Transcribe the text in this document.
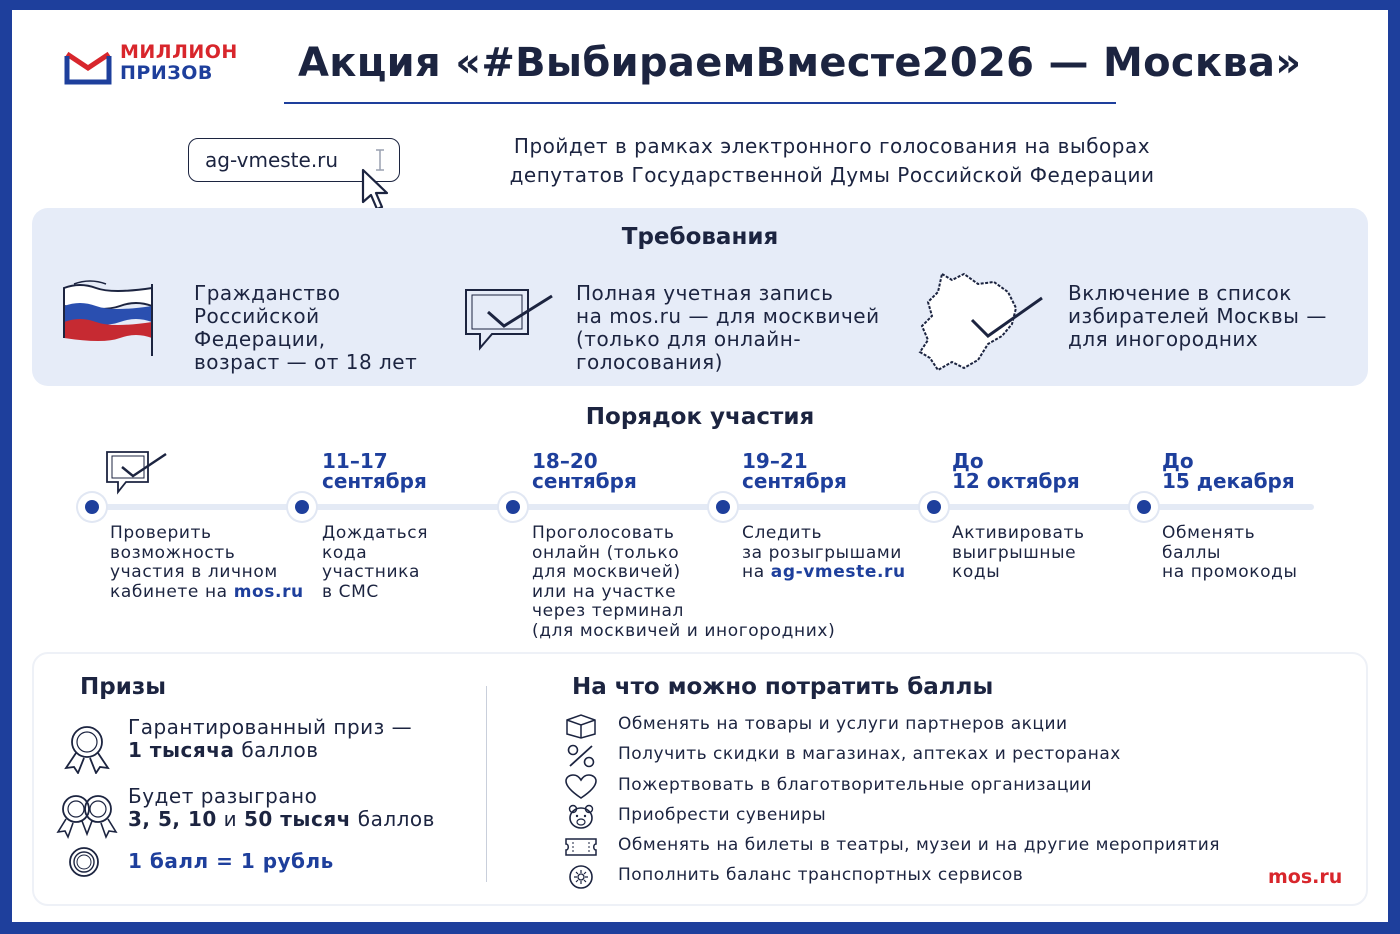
МИЛЛИОН
ПРИЗОВ	Акция «#ВыбираемВместе2026 — Москва»
ag-vmeste.ru
Пройдет в рамках электронного голосования на выборах
депутатов Государственной Думы Российской Федерации
Требования
Гражданство
Российской
Федерации,
возраст — от 18 лет
Полная учетная запись
на mos.ru — для москвичей
(только для онлайн-
голосования)
Включение в список
избирателей Москвы —
для иногородних
Порядок участия
Проверить
возможность
участия в личном
кабинете на mos.ru
11–17
сентября
Дождаться
кода
участника
в СМС
18–20
сентября
Проголосовать
онлайн (только
для москвичей)
или на участке
через терминал
(для москвичей и иногородних)
19–21
сентября
Следить
за розыгрышами
на ag-vmeste.ru
До
12 октября
Активировать
выигрышные
коды
До
15 декабря
Обменять
баллы
на промокоды
Призы
Гарантированный приз —
1 тысяча баллов
Будет разыграно
3, 5, 10 и 50 тысяч баллов
1 балл = 1 рубль
На что можно потратить баллы
Обменять на товары и услуги партнеров акции
Получить скидки в магазинах, аптеках и ресторанах
Пожертвовать в благотворительные организации
Приобрести сувениры
Обменять на билеты в театры, музеи и на другие мероприятия
Пополнить баланс транспортных сервисов	mos.ru
